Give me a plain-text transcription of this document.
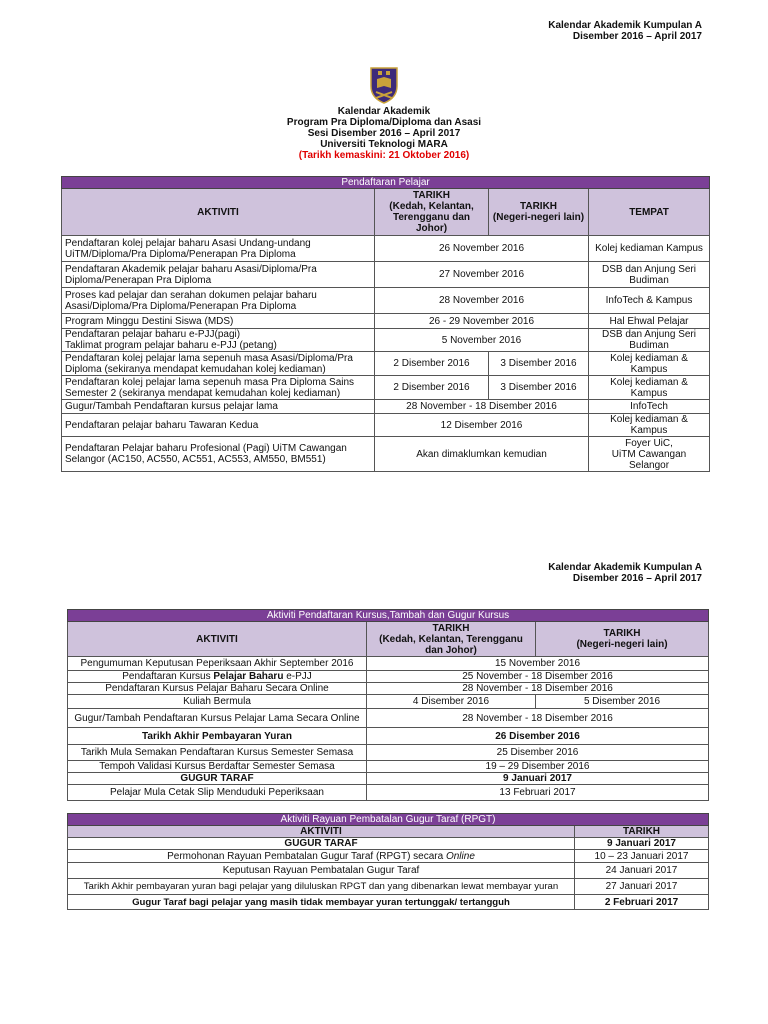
Kalendar Akademik Kumpulan A
Disember 2016 – April 2017
Kalendar Akademik
Program Pra Diploma/Diploma dan Asasi
Sesi Disember 2016 – April 2017
Universiti Teknologi MARA
(Tarikh kemaskini: 21 Oktober 2016)
Pendaftaran Pelajar			
AKTIVITI	TARIKH
(Kedah, Kelantan,
Terengganu dan
Johor)	TARIKH
(Negeri-negeri lain)	TEMPAT
Pendaftaran kolej pelajar baharu Asasi Undang-undang UiTM/Diploma/Pra Diploma/Penerapan Pra Diploma	26 November 2016		Kolej kediaman Kampus
Pendaftaran Akademik pelajar baharu Asasi/Diploma/Pra Diploma/Penerapan Pra Diploma	27 November 2016		DSB dan Anjung Seri Budiman
Proses kad pelajar dan serahan dokumen pelajar baharu Asasi/Diploma/Pra Diploma/Penerapan Pra Diploma	28 November 2016		InfoTech & Kampus
Program Minggu Destini Siswa (MDS)	26 - 29 November 2016		Hal Ehwal Pelajar
Pendaftaran pelajar baharu e-PJJ(pagi)
Taklimat program pelajar baharu e-PJJ (petang)	5 November 2016		DSB dan Anjung Seri Budiman
Pendaftaran kolej pelajar lama sepenuh masa Asasi/Diploma/Pra Diploma (sekiranya mendapat kemudahan kolej kediaman)	2 Disember 2016	3 Disember 2016	Kolej kediaman & Kampus
Pendaftaran kolej pelajar lama sepenuh masa Pra Diploma Sains Semester 2 (sekiranya mendapat kemudahan kolej kediaman)	2 Disember 2016	3 Disember 2016	Kolej kediaman & Kampus
Gugur/Tambah Pendaftaran kursus pelajar lama	28 November - 18 Disember 2016		InfoTech
Pendaftaran pelajar baharu Tawaran Kedua	12 Disember 2016		Kolej kediaman & Kampus
Pendaftaran Pelajar baharu Profesional (Pagi) UiTM Cawangan Selangor (AC150, AC550, AC551, AC553, AM550, BM551)	Akan dimaklumkan kemudian		Foyer UiC,
UiTM Cawangan Selangor
Kalendar Akademik Kumpulan A
Disember 2016 – April 2017
Aktiviti Pendaftaran Kursus,Tambah dan Gugur Kursus		
AKTIVITI	TARIKH
(Kedah, Kelantan, Terengganu
dan Johor)	TARIKH
(Negeri-negeri lain)
Pengumuman Keputusan Peperiksaan Akhir September 2016	15 November 2016	
Pendaftaran Kursus Pelajar Baharu e-PJJ	25 November - 18 Disember 2016	
Pendaftaran Kursus Pelajar Baharu Secara Online	28 November - 18 Disember 2016	
Kuliah Bermula	4 Disember 2016	5 Disember 2016
Gugur/Tambah Pendaftaran Kursus Pelajar Lama Secara Online	28 November - 18 Disember 2016	
Tarikh Akhir Pembayaran Yuran	26 Disember 2016	
Tarikh Mula Semakan Pendaftaran Kursus Semester Semasa	25 Disember 2016	
Tempoh Validasi Kursus Berdaftar Semester Semasa	19 – 29 Disember 2016	
GUGUR TARAF	9 Januari 2017	
Pelajar Mula Cetak Slip Menduduki Peperiksaan	13 Februari 2017	
Aktiviti Rayuan Pembatalan Gugur Taraf (RPGT)	
AKTIVITI	TARIKH
GUGUR TARAF	9 Januari 2017
Permohonan Rayuan Pembatalan Gugur Taraf (RPGT) secara Online	10 – 23 Januari 2017
Keputusan Rayuan Pembatalan Gugur Taraf	24 Januari 2017
Tarikh Akhir pembayaran yuran bagi pelajar yang diluluskan RPGT dan yang dibenarkan lewat membayar yuran	27 Januari 2017
Gugur Taraf bagi pelajar yang masih tidak membayar yuran tertunggak/ tertangguh	2 Februari 2017
